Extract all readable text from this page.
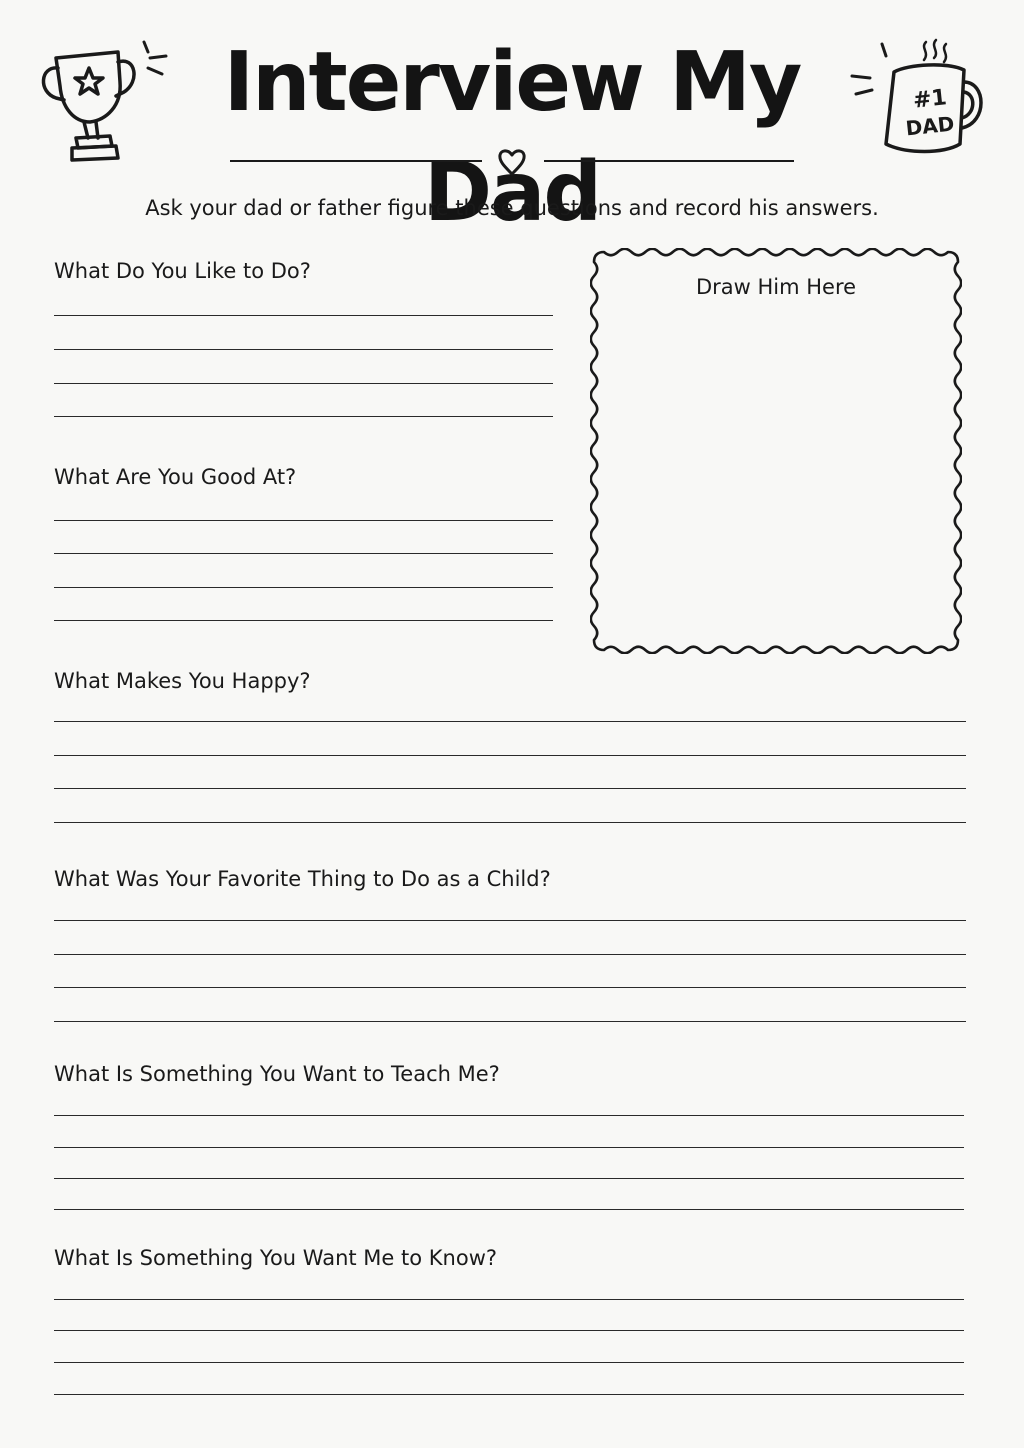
Interview My Dad
#1
DAD
Ask your dad or father figure these questions and record his answers.
Draw Him Here
What Do You Like to Do?
What Are You Good At?
What Makes You Happy?
What Was Your Favorite Thing to Do as a Child?
What Is Something You Want to Teach Me?
What Is Something You Want Me to Know?
